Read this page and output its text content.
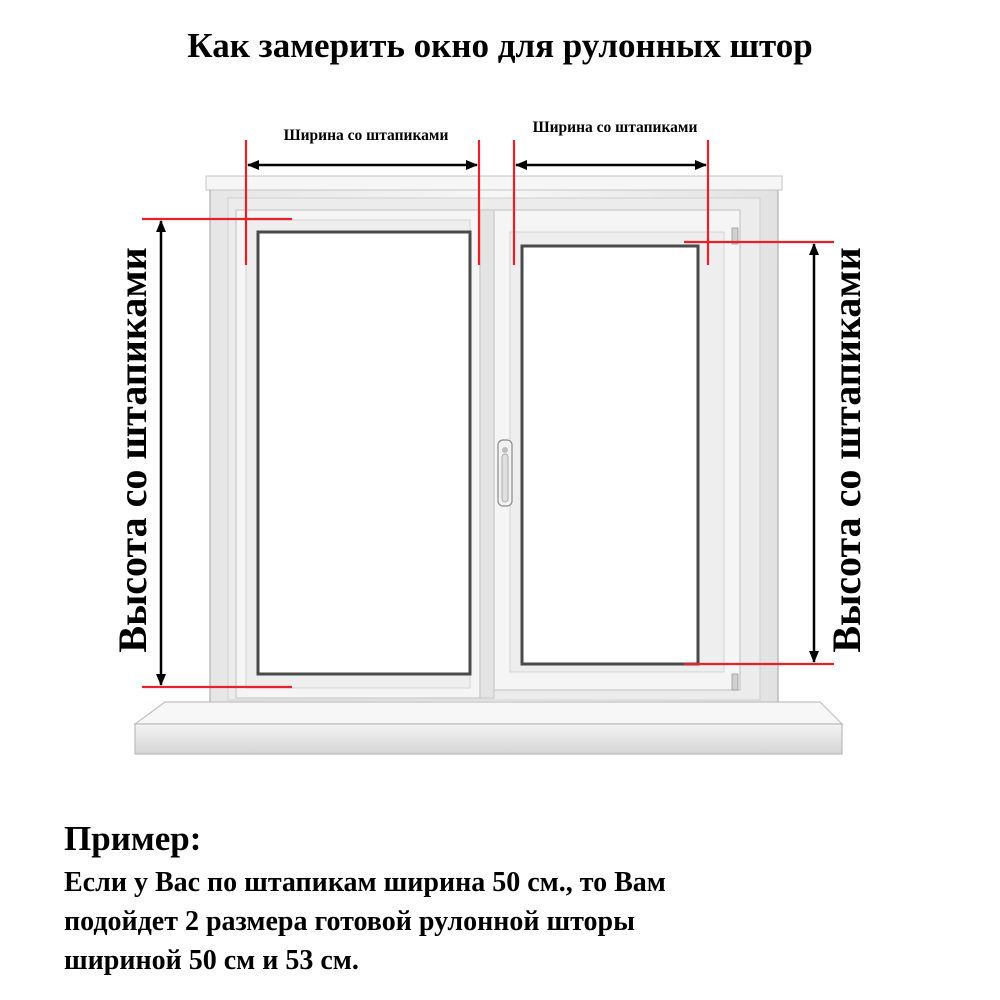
Как замерить окно для рулонных штор
Ширина со штапиками	Ширина со штапиками
Высота со штапиками	Высота со штапиками
Пример:
Если у Вас по штапикам ширина 50 см., то Вам
подойдет 2 размера готовой рулонной шторы
шириной 50 см и 53 см.
